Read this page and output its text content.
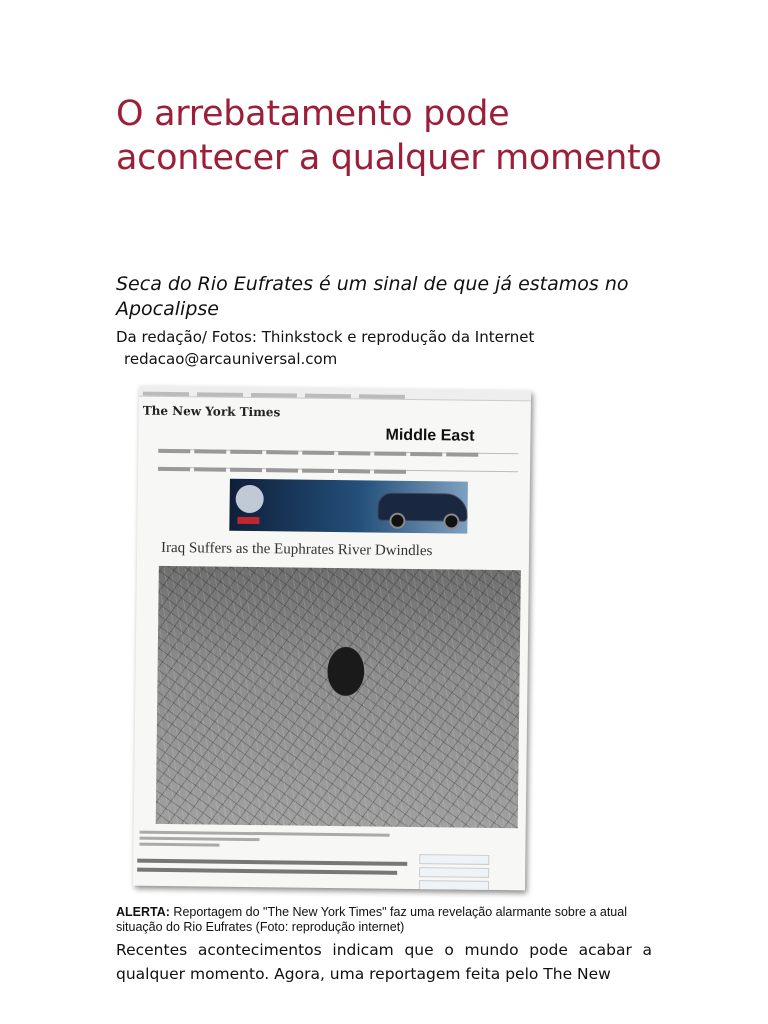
O arrebatamento pode acontecer a qualquer momento

Seca do Rio Eufrates é um sinal de que já estamos no Apocalipse

Da redação/ Fotos: Thinkstock e reprodução da Internet
redacao@arcauniversal.com

The New York Times
Middle East

Iraq Suffers as the Euphrates River Dwindles

ALERTA: Reportagem do "The New York Times" faz uma revelação alarmante sobre a atual situação do Rio Eufrates (Foto: reprodução internet)

Recentes acontecimentos indicam que o mundo pode acabar a qualquer momento. Agora, uma reportagem feita pelo The New
